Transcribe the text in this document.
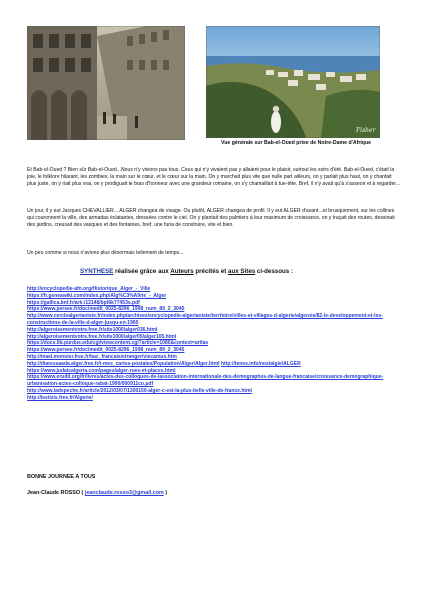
Fisher
Vue générale sur Bab-el-Oued prise de Notre-Dame d'Afrique
Et Bab-el-Oued ? Bien sûr Bab-el-Oued...Nous n'y vivions pas tous. Ceux qui n'y vivaient pas y allaient pour le plaisir, surtout les soirs d'été. Bab-el-Oued, c'était la joie, le folklore hilarant, les zombies, la main sur le cœur, et le cœur sur la main. On y marchait plus vite que nulle part ailleurs, on y parlait plus haut, on y chantait plus juste, on y riait plus vrai, on y prodiguait le bras d'honneur avec une grandeur romaine, on s'y chamaillait à tue-tête. Bref, il n'y avait qu'à s'asseoir et à regarder...
Un jour, il y eut Jacques CHEVALLIER... ALGER changea de visage. Ou plutôt, ALGER changea de profil. Il y eut ALGER d'avant...et brusquement, sur les collines qui couronnent la ville, des armadas éclatantes, dressées contre le ciel. On y plantait des palmiers à leur maximum de croissance, on y traçait des routes, dessinait des jardins, creusait des vasques et des fontaines, bref, une furia de construire, vite et bien.
Un peu comme si nous n'avions plus désormais tellement de temps...
SYNTHESE réalisée grâce aux Auteurs précités et aux Sites ci-dessous :
http://encyclopedie-afn.org/Historique_Alger_-_Ville
https://fr.geneawiki.com/index.php/Alg%C3%A9rie_-_Alger
https://gallica.bnf.fr/ark:/12148/bpt6k77453s.pdf
https://www.persee.fr/doc/medit_0025-8296_1998_num_89_2_3045
http://www.cerclealgerianiste.fr/index.php/archives/encyclopedie-algerianiste/territoire/villes-et-villages-d-algerie/algerois/82-le-developpement-et-les-constructions-de-la-ville-d-alger-jusqu-en-1960
http://algeroisementvotre.free.fr/site1000/alger036.html
http://algeroisementvotre.free.fr/site1000/alger05/alger105.html
https://docs.lib.purdue.edu/cgi/viewcontent.cgi?article=1080&context=artlas
https://www.persee.fr/doc/medit_0025-8296_1998_num_89_2_3045
http://mael.monnier.free.fr/bac_francais/etranger/viecamus.htm
http://diaressaada.alger.free.fr/i-mes_cartes-postales/Population/Alger/Alger.html http://tenes.info/nostalgie/ALGER
https://www.judaicalgeria.com/pages/alger-rues-et-places.html
https://www.erudit.org/fr/livres/actes-des-colloques-de-lassociation-internationale-des-demographes-de-langue-francaise/croissance-demographique-urbanisation-actes-colloque-rabat-1990/000911co.pdf
http://www.ladepeche.fr/article/2012/03/07/1300150-alger-c-est-la-plus-belle-ville-de-france.html
http://lestizis.free.fr/Algerie/
BONNE JOURNEE A TOUS
Jean-Claude ROSSO ( jeanclaude.rosso3@gmail.com )
